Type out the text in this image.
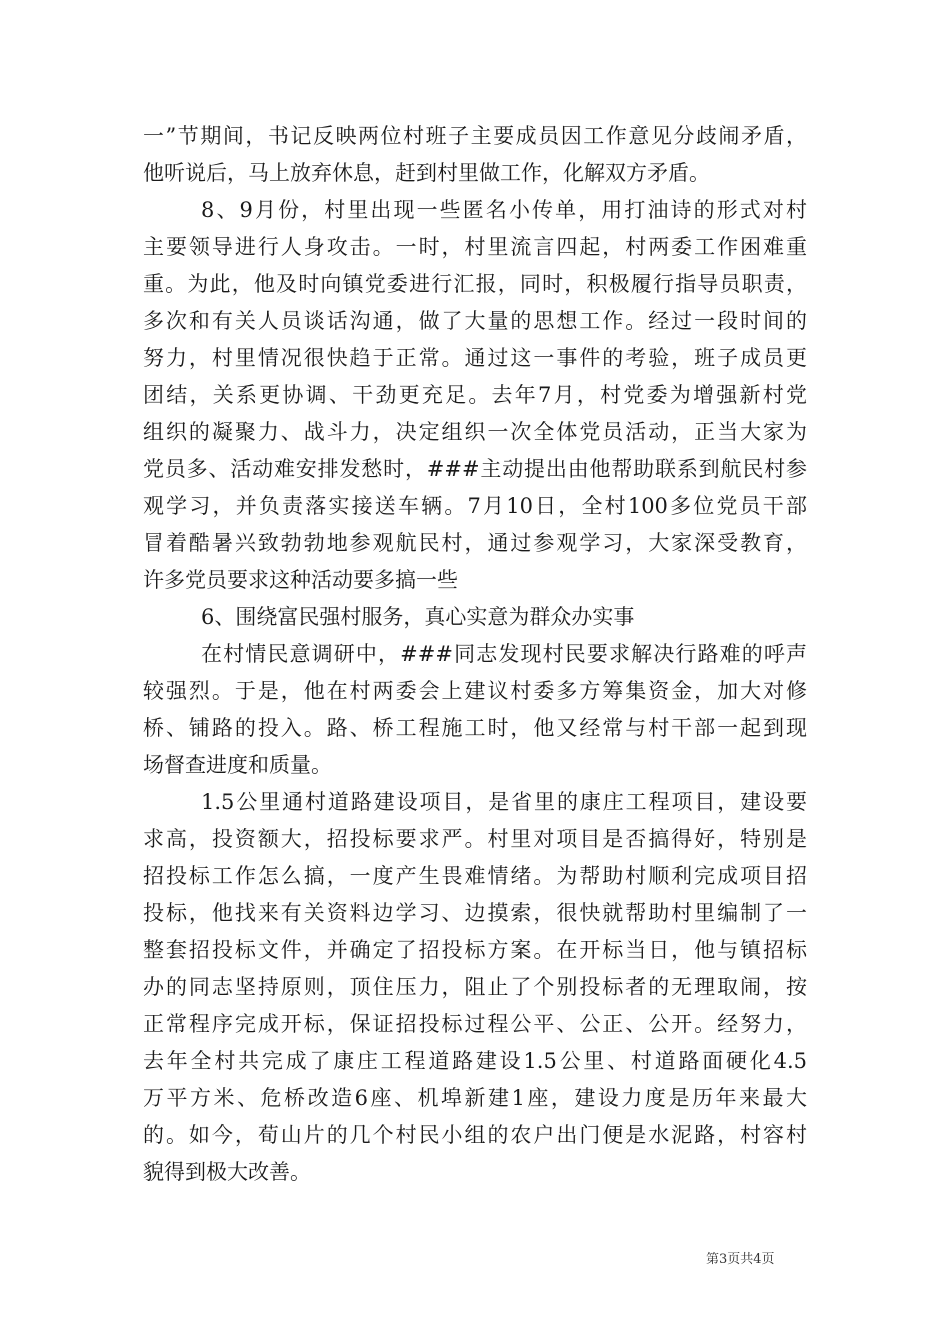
一”节期间，书记反映两位村班子主要成员因工作意见分歧闹矛盾，
他听说后，马上放弃休息，赶到村里做工作，化解双方矛盾。
8、9月份，村里出现一些匿名小传单，用打油诗的形式对村
主要领导进行人身攻击。一时，村里流言四起，村两委工作困难重
重。为此，他及时向镇党委进行汇报，同时，积极履行指导员职责，
多次和有关人员谈话沟通，做了大量的思想工作。经过一段时间的
努力，村里情况很快趋于正常。通过这一事件的考验，班子成员更
团结，关系更协调、干劲更充足。去年7月，村党委为增强新村党
组织的凝聚力、战斗力，决定组织一次全体党员活动，正当大家为
党员多、活动难安排发愁时，###主动提出由他帮助联系到航民村参
观学习，并负责落实接送车辆。7月10日，全村100多位党员干部
冒着酷暑兴致勃勃地参观航民村，通过参观学习，大家深受教育，
许多党员要求这种活动要多搞一些
6、围绕富民强村服务，真心实意为群众办实事
在村情民意调研中，###同志发现村民要求解决行路难的呼声
较强烈。于是，他在村两委会上建议村委多方筹集资金，加大对修
桥、铺路的投入。路、桥工程施工时，他又经常与村干部一起到现
场督查进度和质量。
1.5公里通村道路建设项目，是省里的康庄工程项目，建设要
求高，投资额大，招投标要求严。村里对项目是否搞得好，特别是
招投标工作怎么搞，一度产生畏难情绪。为帮助村顺利完成项目招
投标，他找来有关资料边学习、边摸索，很快就帮助村里编制了一
整套招投标文件，并确定了招投标方案。在开标当日，他与镇招标
办的同志坚持原则，顶住压力，阻止了个别投标者的无理取闹，按
正常程序完成开标，保证招投标过程公平、公正、公开。经努力，
去年全村共完成了康庄工程道路建设1.5公里、村道路面硬化4.5
万平方米、危桥改造6座、机埠新建1座，建设力度是历年来最大
的。如今，荀山片的几个村民小组的农户出门便是水泥路，村容村
貌得到极大改善。
第3页共4页
